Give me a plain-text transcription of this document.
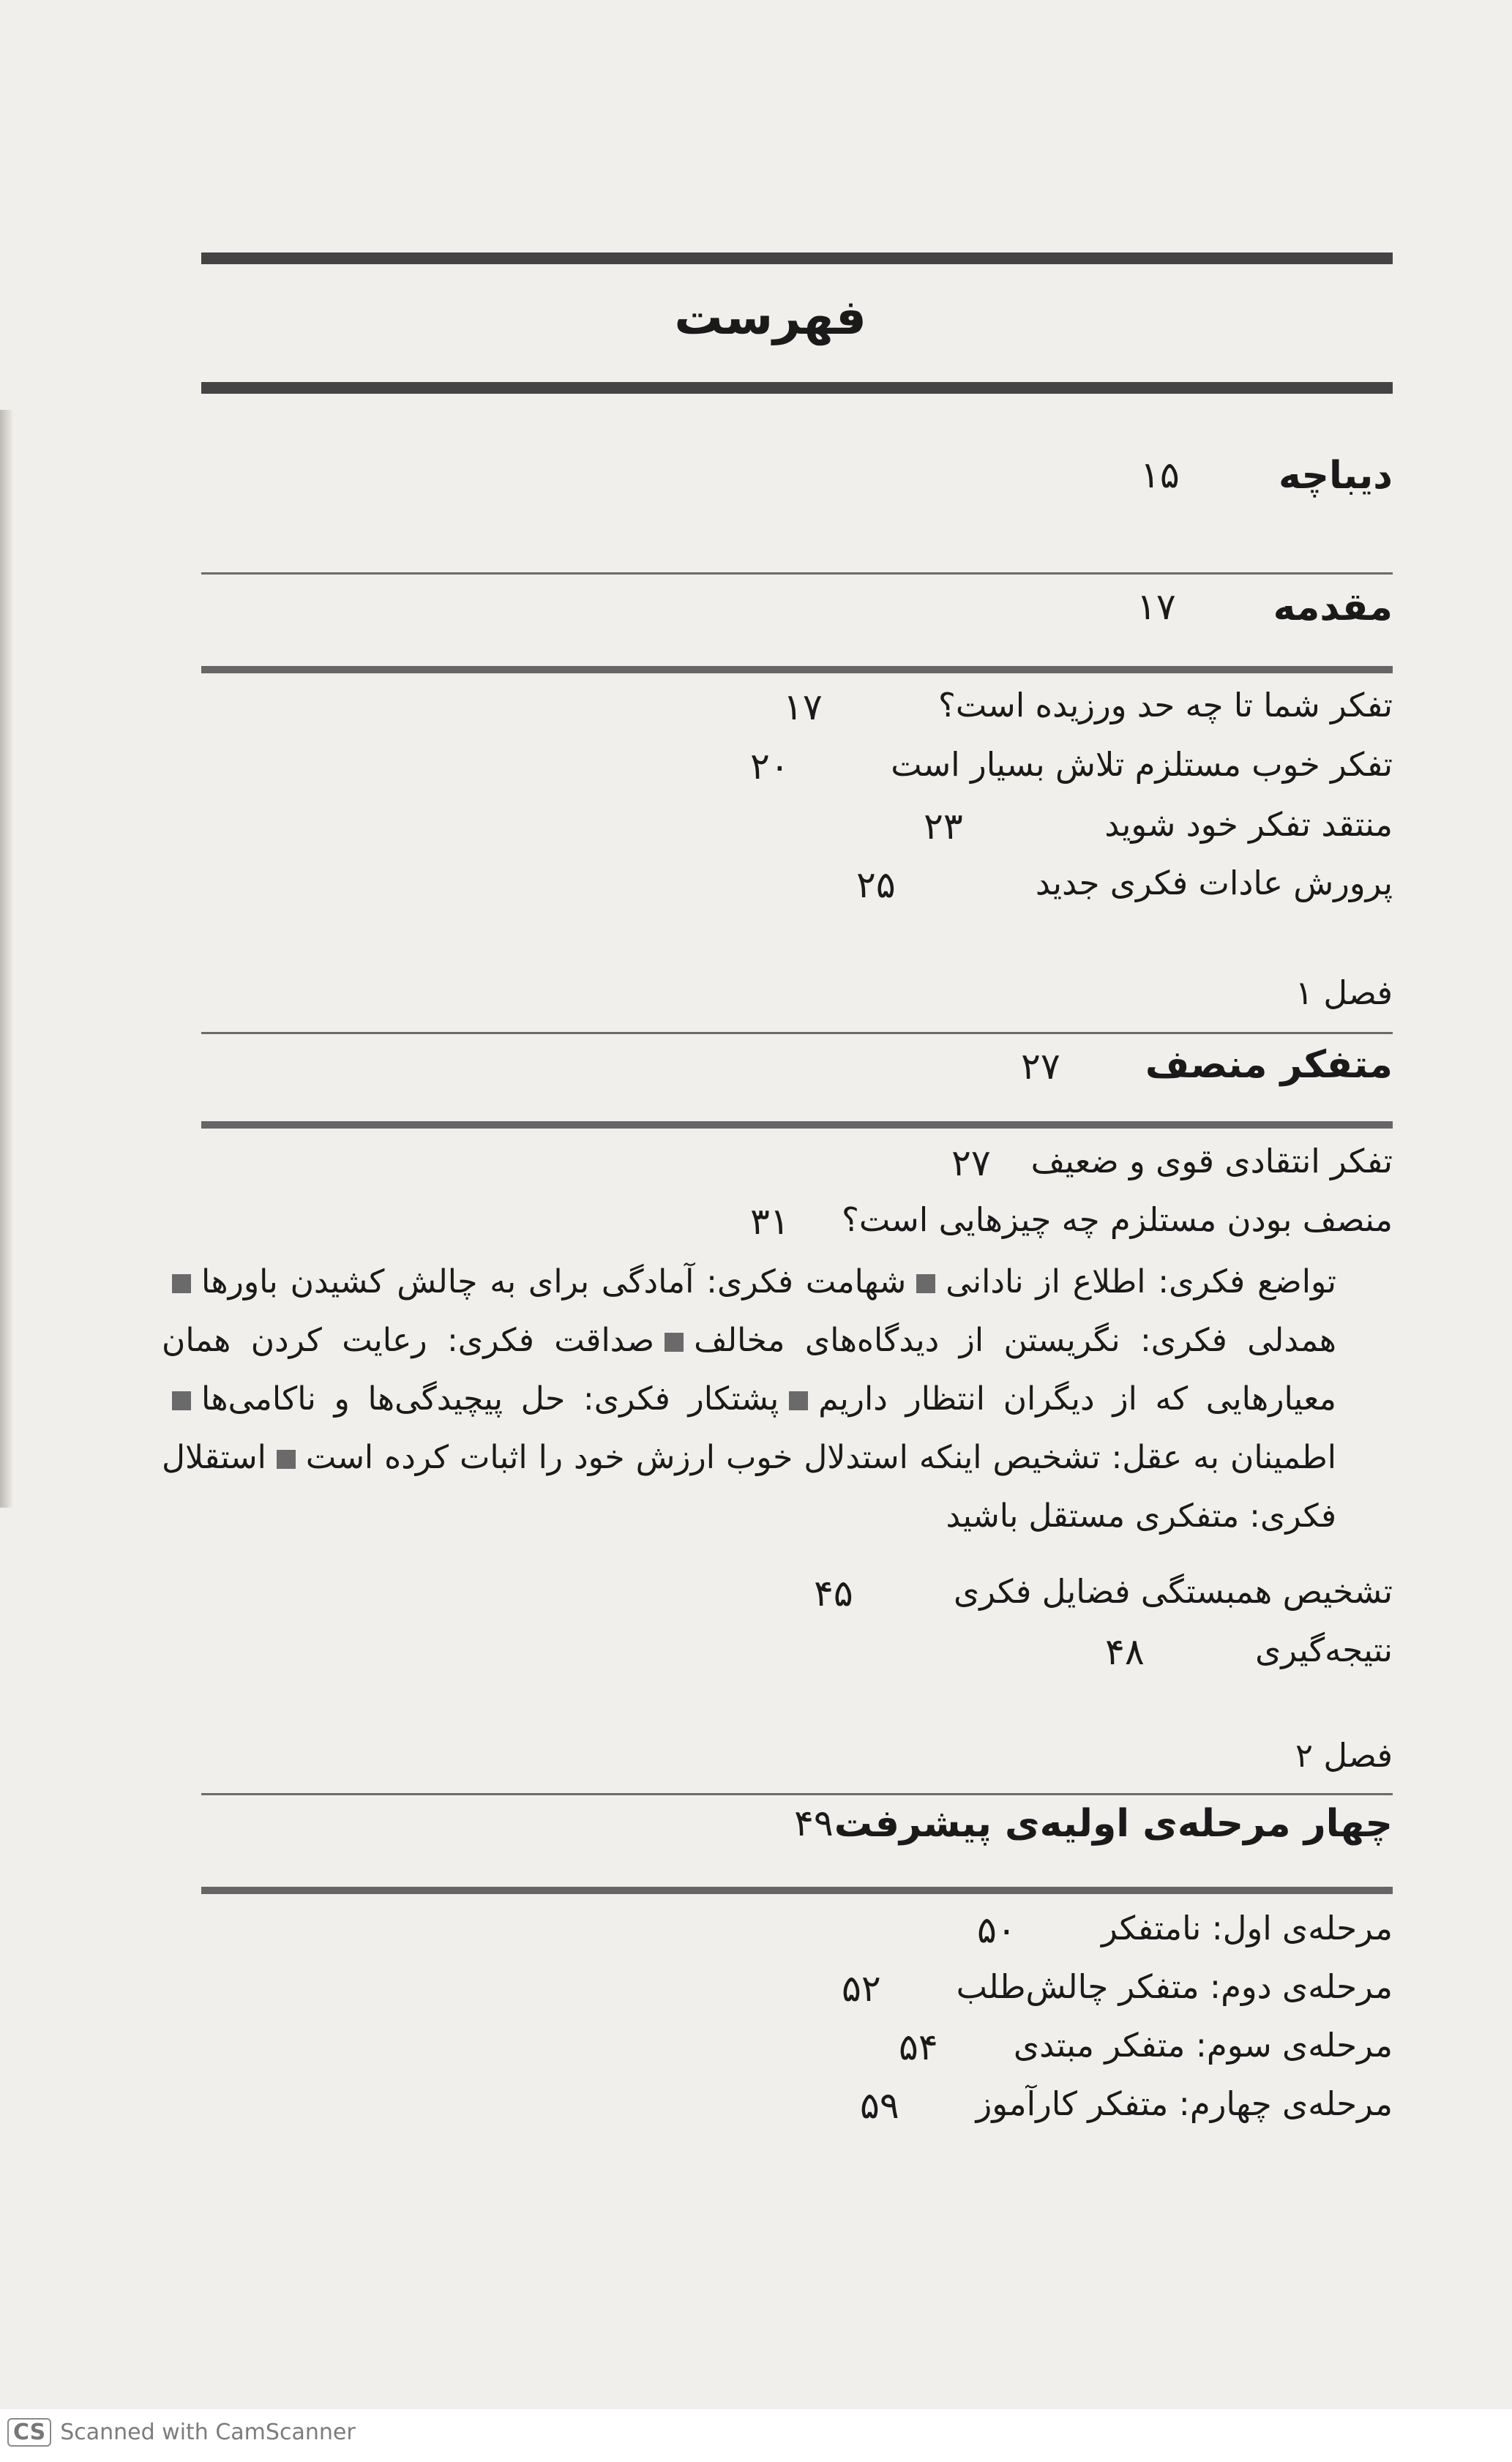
فهرست
دیباچه
۱۵
مقدمه
۱۷
تفکر شما تا چه حد ورزیده است؟
۱۷
تفکر خوب مستلزم تلاش بسیار است
۲۰
منتقد تفکر خود شوید
۲۳
پرورش عادات فکری جدید
۲۵
فصل ۱
متفکر منصف
۲۷
تفکر انتقادی قوی و ضعیف
۲۷
منصف بودن مستلزم چه چیزهایی است؟
۳۱
تواضع فکری: اطلاع از نادانیشهامت فکری: آمادگی برای به چالش کشیدن باورها همدلی فکری: نگریستن از دیدگاه‌های مخالفصداقت فکری: رعایت کردن همان معیارهایی که از دیگران انتظار داریمپشتکار فکری: حل پیچیدگی‌ها و ناکامی‌ها اطمینان به عقل: تشخیص اینکه استدلال خوب ارزش خود را اثبات کرده استاستقلال فکری: متفکری مستقل باشید
تشخیص همبستگی فضایل فکری
۴۵
نتیجه‌گیری
۴۸
فصل ۲
چهار مرحله‌ی اولیه‌ی پیشرفت
۴۹
مرحله‌ی اول: نامتفکر
۵۰
مرحله‌ی دوم: متفکر چالش‌طلب
۵۲
مرحله‌ی سوم: متفکر مبتدی
۵۴
مرحله‌ی چهارم: متفکر کارآموز
۵۹
CS Scanned with CamScanner
